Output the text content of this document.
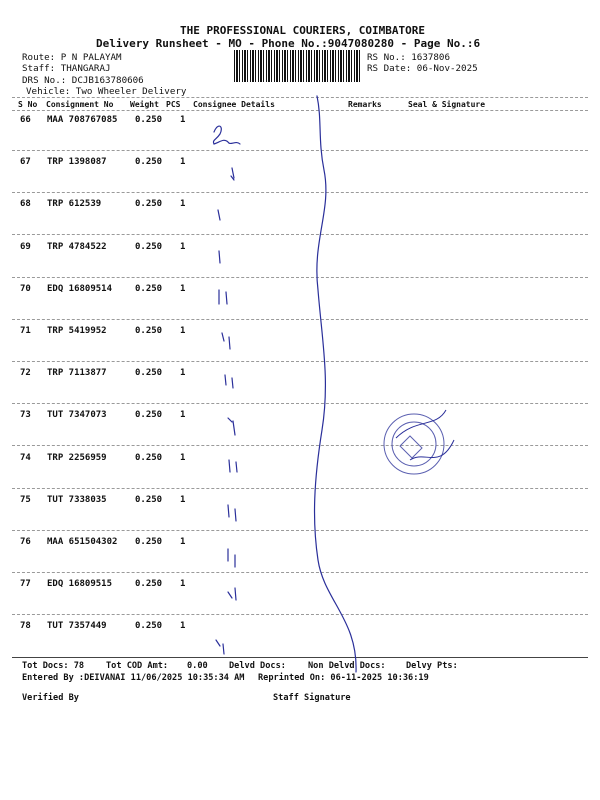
THE PROFESSIONAL COURIERS, COIMBATORE
Delivery Runsheet - MO - Phone No.:9047080280 - Page No.:6
Route: P N PALAYAM
Staff: THANGARAJ
DRS No.: DCJB163780606
Vehicle: Two Wheeler Delivery
RS No.: 1637806
RS Date: 06-Nov-2025
S No Consignment No Weight PCS Consignee Details	Remarks	Seal & Signature
66 MAA 708767085 0.250 1
67 TRP 1398087	0.250 1
68 TRP 612539	0.250 1
69 TRP 4784522	0.250 1
70 EDQ 16809514	0.250 1
71 TRP 5419952	0.250 1
72 TRP 7113877	0.250 1
73 TUT 7347073	0.250 1
74 TRP 2256959	0.250 1
75 TUT 7338035	0.250 1
76 MAA 651504302 0.250 1
77 EDQ 16809515	0.250 1
78 TUT 7357449	0.250 1
Tot Docs: 78	Tot COD Amt: 0.00 Delvd Docs:	Non Delvd Docs: Delvy Pts:
Entered By :DEIVANAI 11/06/2025 10:35:34 AM Reprinted On: 06-11-2025 10:36:19
Verified By	Staff Signature
